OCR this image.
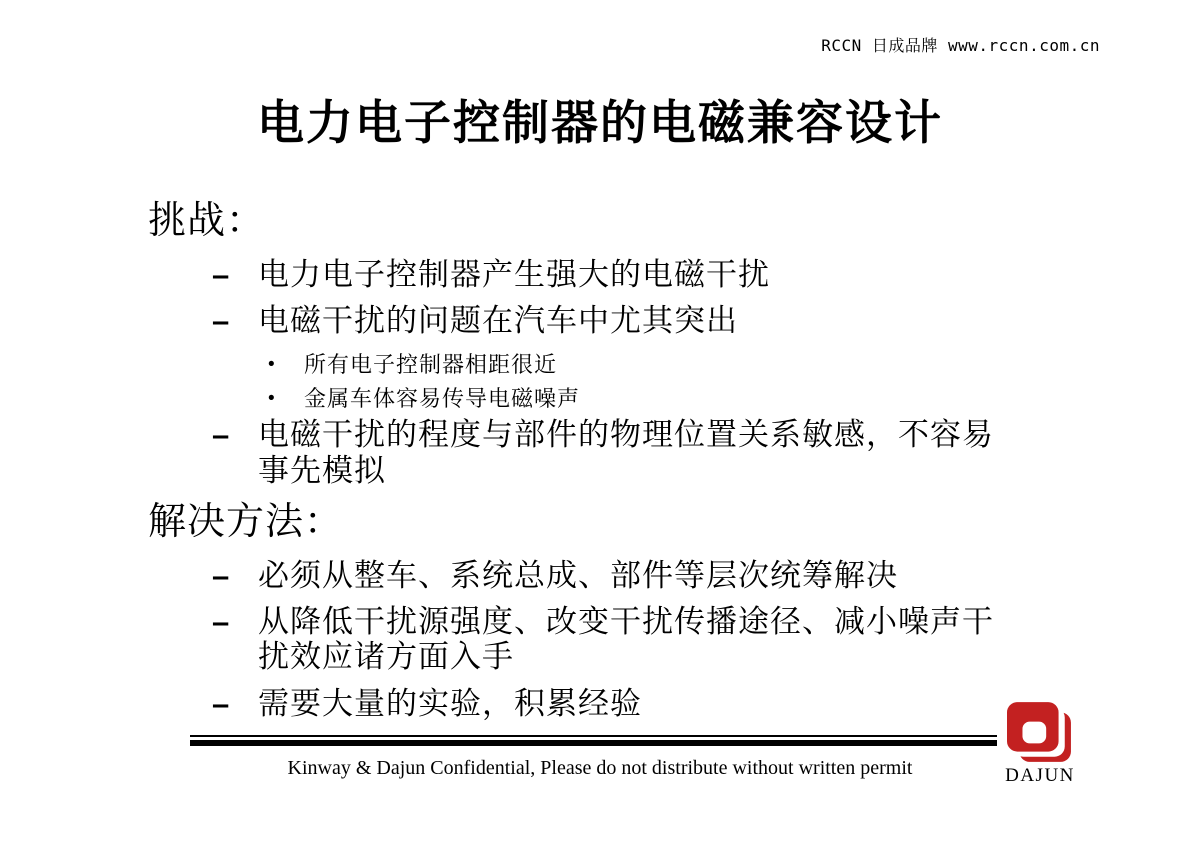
RCCN 日成品牌 www.rccn.com.cn
电力电子控制器的电磁兼容设计
挑战：
– 电力电子控制器产生强大的电磁干扰
– 电磁干扰的问题在汽车中尤其突出
•	所有电子控制器相距很近
•	金属车体容易传导电磁噪声
– 电磁干扰的程度与部件的物理位置关系敏感，不容易事先模拟
解决方法：
– 必须从整车、系统总成、部件等层次统筹解决
– 从降低干扰源强度、改变干扰传播途径、减小噪声干扰效应诸方面入手
– 需要大量的实验，积累经验
Kinway & Dajun Confidential, Please do not distribute without written permit	DAJUN
